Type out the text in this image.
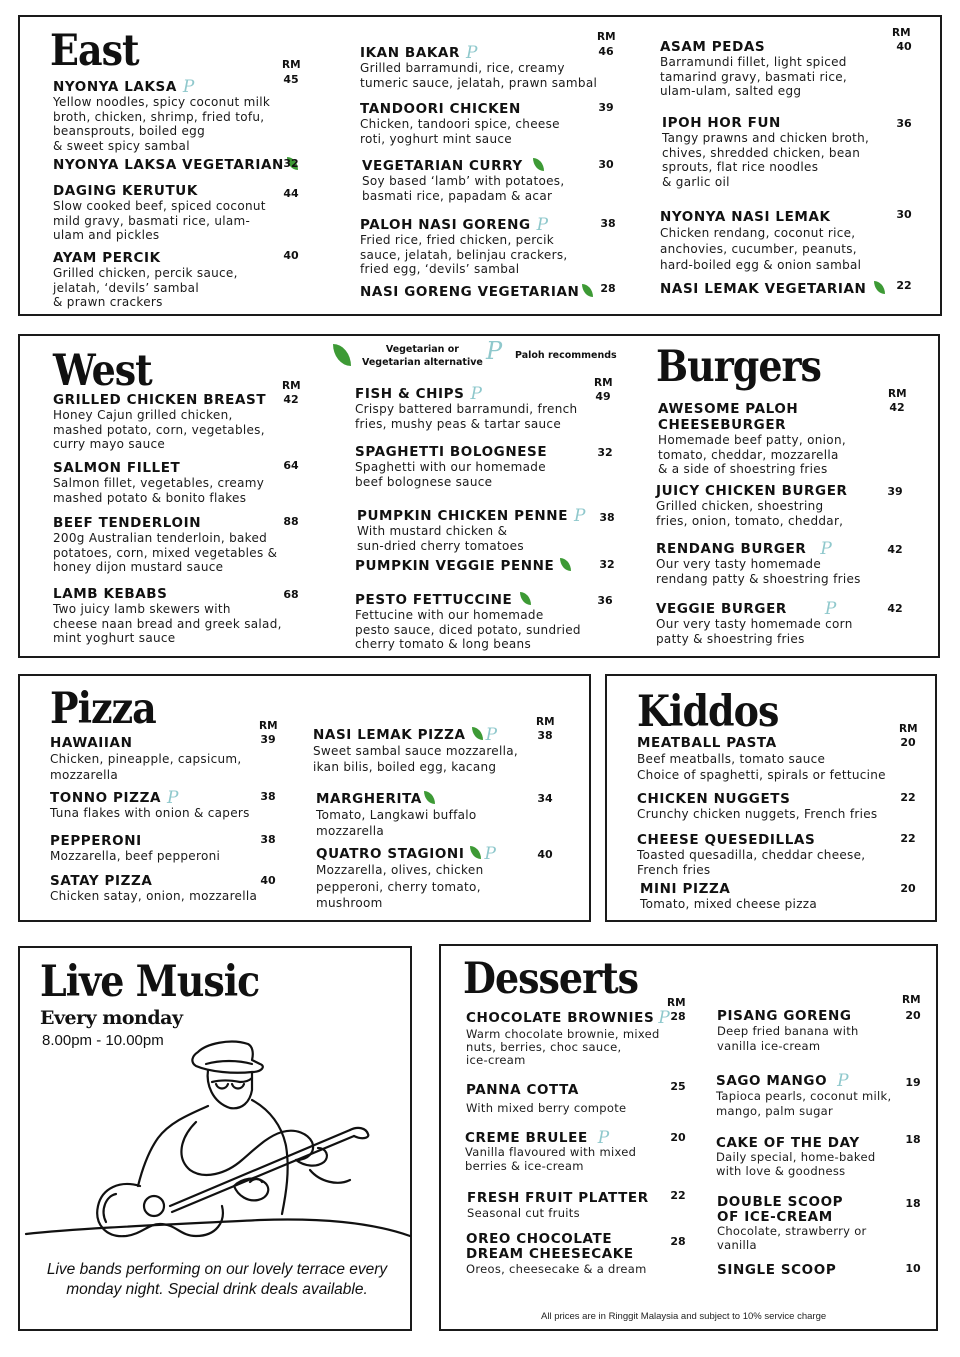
East	RM
RM	RM
NYONYA LAKSA P
Yellow noodles, spicy coconut milk
broth, chicken, shrimp, fried tofu,
beansprouts, boiled egg
& sweet spicy sambal
45
NYONYA LAKSA VEGETARIAN 32
DAGING KERUTUK
Slow cooked beef, spiced coconut
mild gravy, basmati rice, ulam-
ulam and pickles
44
AYAM PERCIK
Grilled chicken, percik sauce,
jelatah, ‘devils’ sambal
& prawn crackers
40
IKAN BAKAR P
Grilled barramundi, rice, creamy
tumeric sauce, jelatah, prawn sambal
46
TANDOORI CHICKEN
Chicken, tandoori spice, cheese
roti, yoghurt mint sauce
39
VEGETARIAN CURRY
Soy based ‘lamb’ with potatoes,
basmati rice, papadam & acar
30
PALOH NASI GORENG P
Fried rice, fried chicken, percik
sauce, jelatah, belinjau crackers,
fried egg, ‘devils’ sambal
38
NASI GORENG VEGETARIAN	28
ASAM PEDAS
Barramundi fillet, light spiced
tamarind gravy, basmati rice,
ulam-ulam, salted egg
40
IPOH HOR FUN
Tangy prawns and chicken broth,
chives, shredded chicken, bean
sprouts, flat rice noodles
& garlic oil
36
NYONYA NASI LEMAK
Chicken rendang, coconut rice,
anchovies, cucumber, peanuts,
hard-boiled egg & onion sambal
30
NASI LEMAK VEGETARIAN	22
West	Vegetarian or
Vegetarian alternative P Paloh recommends
RM	RM
GRILLED CHICKEN BREAST
Honey Cajun grilled chicken,
mashed potato, corn, vegetables,
curry mayo sauce
42
SALMON FILLET
Salmon fillet, vegetables, creamy
mashed potato & bonito flakes
64
BEEF TENDERLOIN
200g Australian tenderloin, baked
potatoes, corn, mixed vegetables &
honey dijon mustard sauce
88
LAMB KEBABS
Two juicy lamb skewers with
cheese naan bread and greek salad,
mint yoghurt sauce
68
FISH & CHIPS P
Crispy battered barramundi, french
fries, mushy peas & tartar sauce
49
SPAGHETTI BOLOGNESE
Spaghetti with our homemade
beef bolognese sauce
32
PUMPKIN CHICKEN PENNE P
With mustard chicken &
sun-dried cherry tomatoes
38
PUMPKIN VEGGIE PENNE	32
PESTO FETTUCCINE
Fettucine with our homemade
pesto sauce, diced potato, sundried
cherry tomato & long beans
36
Burgers
RM
AWESOME PALOH
CHEESEBURGER
Homemade beef patty, onion,
tomato, cheddar, mozzarella
& a side of shoestring fries
42
JUICY CHICKEN BURGER
Grilled chicken, shoestring
fries, onion, tomato, cheddar,
39
RENDANG BURGER P
Our very tasty homemade
rendang patty & shoestring fries
42
VEGGIE BURGER P
Our very tasty homemade corn
patty & shoestring fries
42
Pizza	RM	RM
HAWAIIAN
Chicken, pineapple, capsicum,
mozzarella
39
TONNO PIZZA P
Tuna flakes with onion & capers
38
PEPPERONI
Mozzarella, beef pepperoni
38
SATAY PIZZA
Chicken satay, onion, mozzarella
40
NASI LEMAK PIZZA P
Sweet sambal sauce mozzarella,
ikan bilis, boiled egg, kacang
38
MARGHERITA
Tomato, Langkawi buffalo
mozzarella
34
QUATRO STAGIONI P
Mozzarella, olives, chicken
pepperoni, cherry tomato,
mushroom
40
Kiddos	RM
MEATBALL PASTA
Beef meatballs, tomato sauce
Choice of spaghetti, spirals or fettucine
20
CHICKEN NUGGETS
Crunchy chicken nuggets, French fries
22
CHEESE QUESEDILLAS
Toasted quesadilla, cheddar cheese,
French fries
22
MINI PIZZA
Tomato, mixed cheese pizza
20
Live Music
Every monday
8.00pm - 10.00pm
Live bands performing on our lovely terrace every monday night. Special drink deals available.
Desserts
RM	RM
CHOCOLATE BROWNIES P
Warm chocolate brownie, mixed
nuts, berries, choc sauce,
ice-cream
28
PANNA COTTA
With mixed berry compote
25
CREME BRULEE P
Vanilla flavoured with mixed
berries & ice-cream
20
FRESH FRUIT PLATTER
Seasonal cut fruits
22
OREO CHOCOLATE
DREAM CHEESECAKE
Oreos, cheesecake & a dream
28
PISANG GORENG
Deep fried banana with
vanilla ice-cream
20
SAGO MANGO P
Tapioca pearls, coconut milk,
mango, palm sugar
19
CAKE OF THE DAY
Daily special, home-baked
with love & goodness
18
DOUBLE SCOOP
OF ICE-CREAM
Chocolate, strawberry or
vanilla
18
SINGLE SCOOP	10
All prices are in Ringgit Malaysia and subject to 10% service charge
